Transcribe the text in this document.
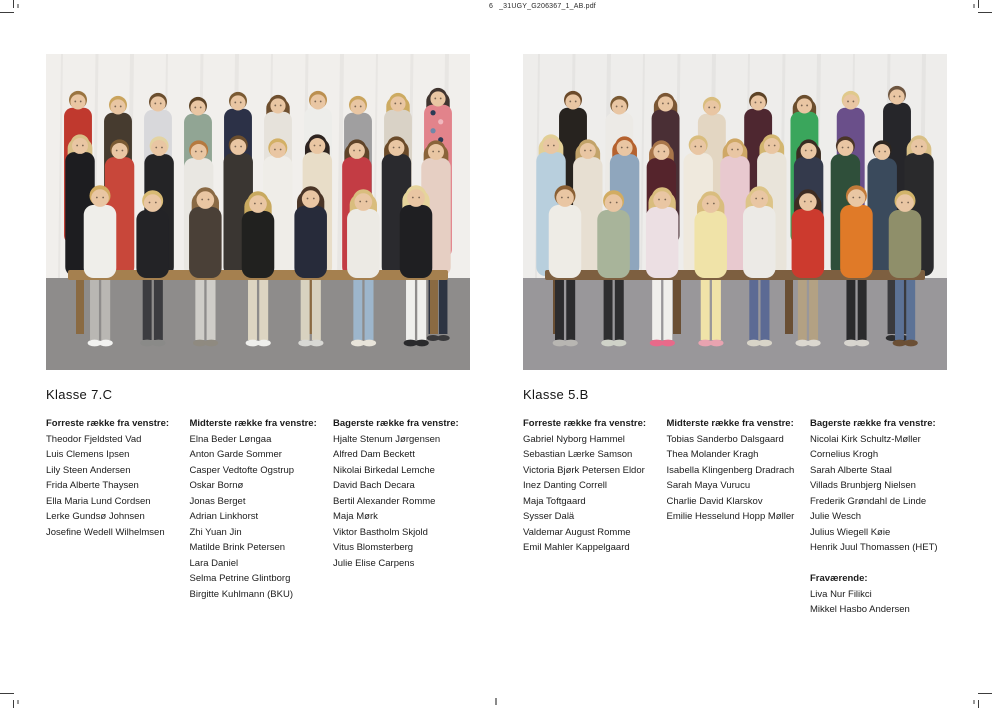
6 _31UGY_G206367_1_AB.pdf
Klasse 7.C
Forreste række fra venstre:
Theodor Fjeldsted Vad
Luis Clemens Ipsen
Lily Steen Andersen
Frida Alberte Thaysen
Ella Maria Lund Cordsen
Lerke Gundsø Johnsen
Josefine Wedell Wilhelmsen
Midterste række fra venstre:
Elna Beder Løngaa
Anton Garde Sommer
Casper Vedtofte Ogstrup
Oskar Bornø
Jonas Berget
Adrian Linkhorst
Zhi Yuan Jin
Matilde Brink Petersen
Lara Daniel
Selma Petrine Glintborg
Birgitte Kuhlmann (BKU)
Bagerste række fra venstre:
Hjalte Stenum Jørgensen
Alfred Dam Beckett
Nikolai Birkedal Lemche
David Bach Decara
Bertil Alexander Romme
Maja Mørk
Viktor Bastholm Skjold
Vitus Blomsterberg
Julie Elise Carpens
Klasse 5.B
Forreste række fra venstre:
Gabriel Nyborg Hammel
Sebastian Lærke Samson
Victoria Bjørk Petersen Eldor
Inez Danting Correll
Maja Toftgaard
Sysser Dalä
Valdemar August Romme
Emil Mahler Kappelgaard
Midterste række fra venstre:
Tobias Sanderbo Dalsgaard
Thea Molander Kragh
Isabella Klingenberg Dradrach
Sarah Maya Vurucu
Charlie David Klarskov
Emilie Hesselund Hopp Møller
Bagerste række fra venstre:
Nicolai Kirk Schultz-Møller
Cornelius Krogh
Sarah Alberte Staal
Villads Brunbjerg Nielsen
Frederik Grøndahl de Linde
Julie Wesch
Julius Wiegell Køie
Henrik Juul Thomassen (HET)
Fraværende:
Liva Nur Filikci
Mikkel Hasbo Andersen
